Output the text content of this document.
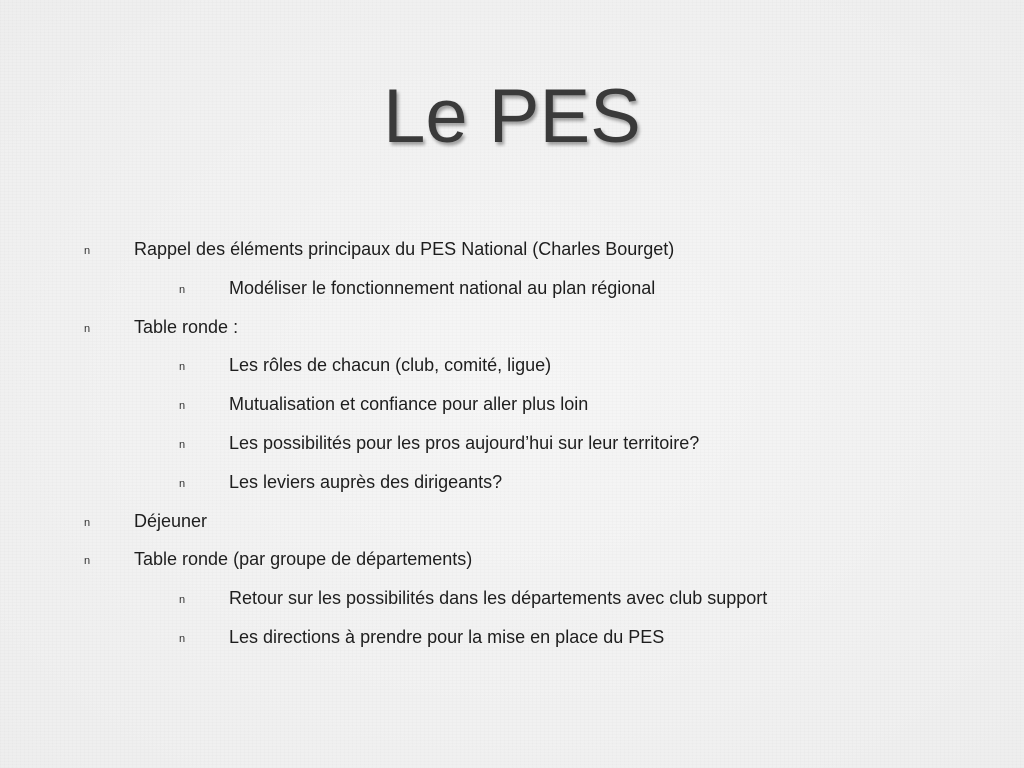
Le PES
n Rappel des éléments principaux du PES National (Charles Bourget)
n Modéliser le fonctionnement national au plan régional
n Table ronde :
n Les rôles de chacun (club, comité, ligue)
n Mutualisation et confiance pour aller plus loin
n Les possibilités pour les pros aujourd’hui sur leur territoire?
n Les leviers auprès des dirigeants?
n Déjeuner
n Table ronde (par groupe de départements)
n Retour sur les possibilités dans les départements avec club support
n Les directions à prendre pour la mise en place du PES
